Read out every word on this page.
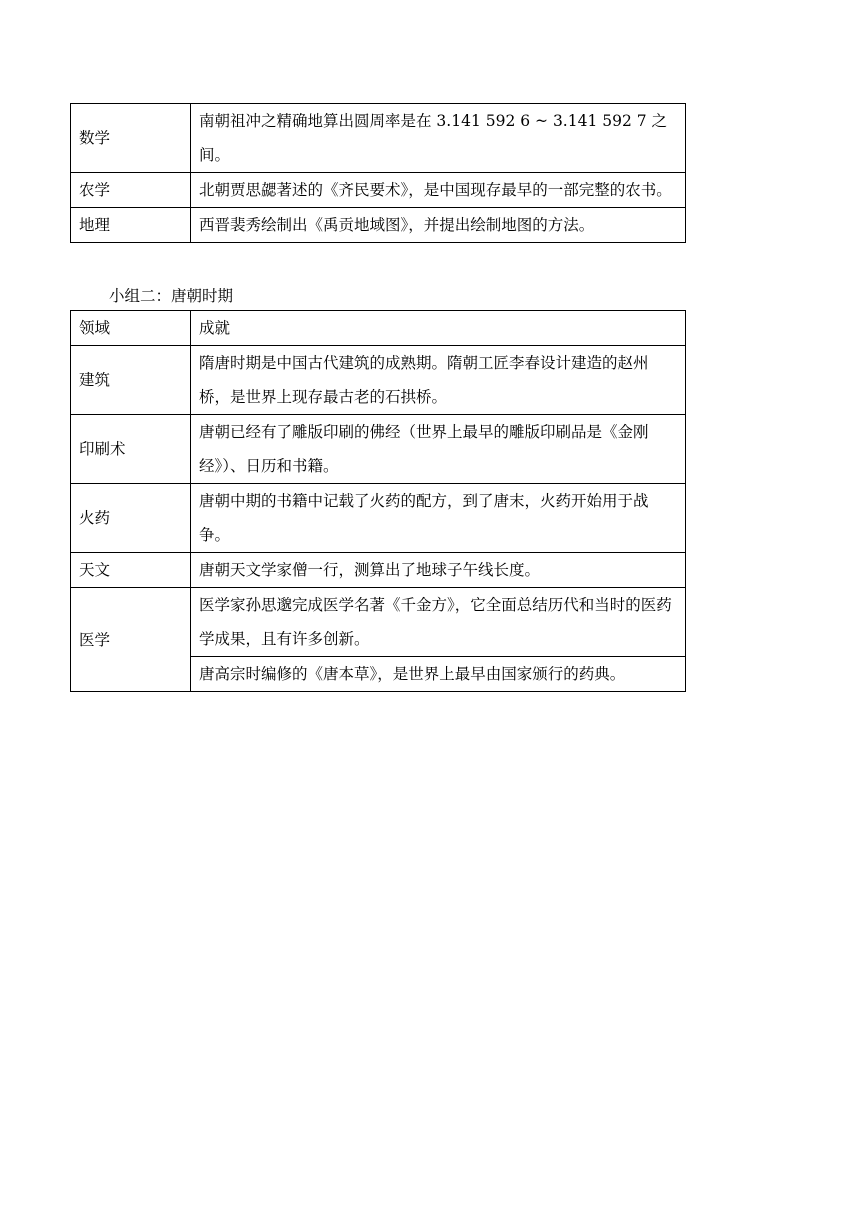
数学	南朝祖冲之精确地算出圆周率是在 3.141 592 6 ~ 3.141 592 7 之间。
农学	北朝贾思勰著述的《齐民要术》，是中国现存最早的一部完整的农书。
地理	西晋裴秀绘制出《禹贡地域图》，并提出绘制地图的方法。
小组二：唐朝时期
领域	成就
建筑	隋唐时期是中国古代建筑的成熟期。隋朝工匠李春设计建造的赵州桥，是世界上现存最古老的石拱桥。
印刷术	唐朝已经有了雕版印刷的佛经（世界上最早的雕版印刷品是《金刚经》）、日历和书籍。
火药	唐朝中期的书籍中记载了火药的配方，到了唐末，火药开始用于战争。
天文	唐朝天文学家僧一行，测算出了地球子午线长度。
医学	医学家孙思邈完成医学名著《千金方》，它全面总结历代和当时的医药学成果，且有许多创新。
	唐高宗时编修的《唐本草》，是世界上最早由国家颁行的药典。
